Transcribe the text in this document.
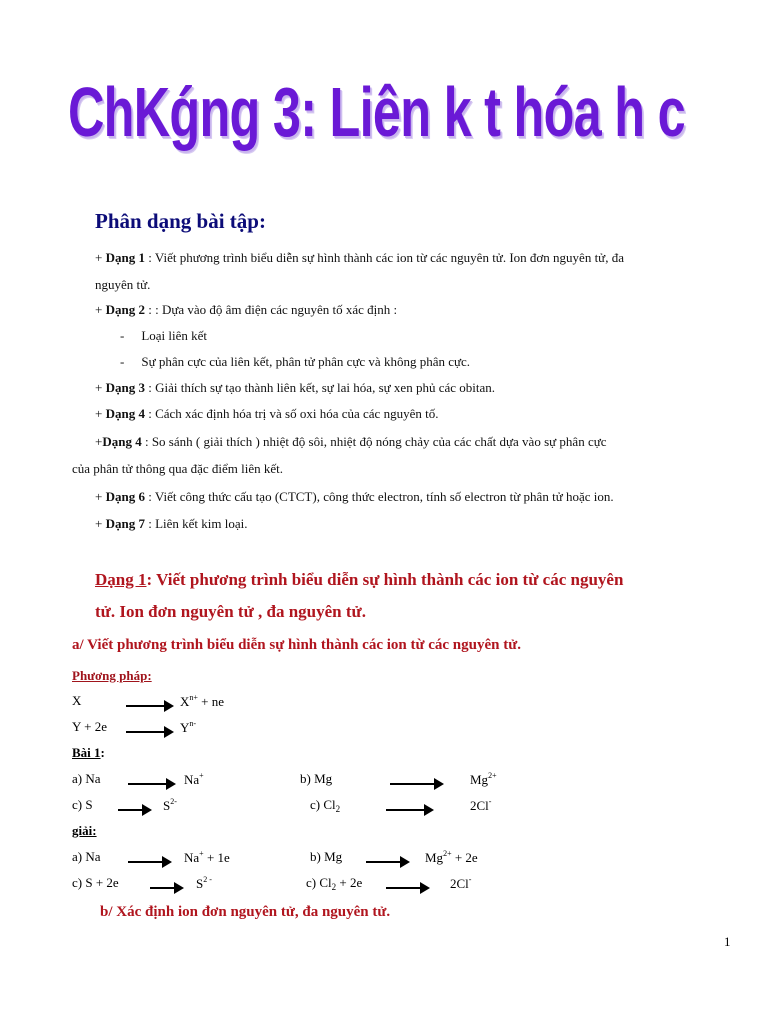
ChKǵng 3: Liên k t hóa h c
Phân dạng bài tập:
+ Dạng 1 : Viết phương trình biểu diễn sự hình thành các ion từ các nguyên tử. Ion đơn nguyên tử, đa
nguyên tử.
+ Dạng 2 : : Dựa vào độ âm điện các nguyên tố xác định :
- Loại liên kết
- Sự phân cực của liên kết, phân tử phân cực và không phân cực.
+ Dạng 3 : Giải thích sự tạo thành liên kết, sự lai hóa, sự xen phủ các obitan.
+ Dạng 4 : Cách xác định hóa trị và số oxi hóa của các nguyên tố.
+Dạng 4 : So sánh ( giải thích ) nhiệt độ sôi, nhiệt độ nóng chảy của các chất dựa vào sự phân cực
của phân tử thông qua đặc điểm liên kết.
+ Dạng 6 : Viết công thức cấu tạo (CTCT), công thức electron, tính số electron từ phân tử hoặc ion.
+ Dạng 7 : Liên kết kim loại.
Dạng 1: Viết phương trình biểu diễn sự hình thành các ion từ các nguyên
tử. Ion đơn nguyên tử , đa nguyên tử.
a/ Viết phương trình biểu diễn sự hình thành các ion từ các nguyên tử.
Phương pháp:
X	→ $X^{n+}$ + ne
$Y + 2e \to Y^{n-}$
Bài 1:
a) Na → Na+	b) Mg	$Mg^{2+}$
c) $S \to S^{2-}$	c) $Cl_2$	2Cl-
giải:
a) Na → Na+ + 1e	b) $Mg \to Mg^{2+} + 2e$
c) $S + 2e \to S^{2 -}$	c) $Cl_2 + 2e \to 2Cl^-$
b/ Xác định ion đơn nguyên tử, đa nguyên tử.
1
